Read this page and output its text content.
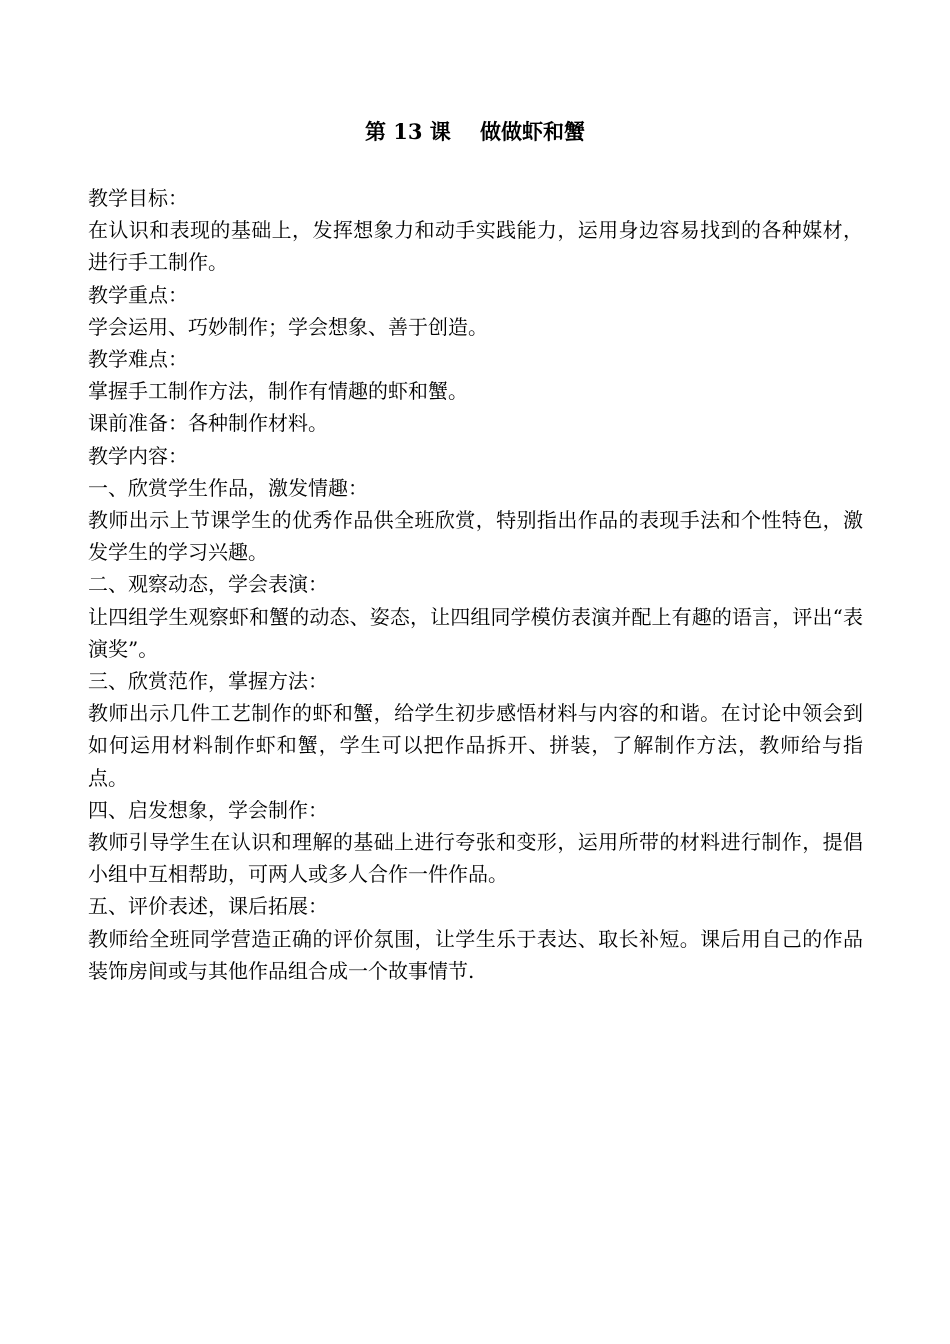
第 13 课    做做虾和蟹

教学目标：

在认识和表现的基础上，发挥想象力和动手实践能力，运用身边容易找到的各种媒材，进行手工制作。

教学重点：

学会运用、巧妙制作；学会想象、善于创造。

教学难点：

掌握手工制作方法，制作有情趣的虾和蟹。

课前准备：各种制作材料。

教学内容：

一、欣赏学生作品，激发情趣：

教师出示上节课学生的优秀作品供全班欣赏，特别指出作品的表现手法和个性特色，激发学生的学习兴趣。

二、观察动态，学会表演：

让四组学生观察虾和蟹的动态、姿态，让四组同学模仿表演并配上有趣的语言，评出“表演奖”。

三、欣赏范作，掌握方法：

教师出示几件工艺制作的虾和蟹，给学生初步感悟材料与内容的和谐。在讨论中领会到如何运用材料制作虾和蟹，学生可以把作品拆开、拼装，了解制作方法，教师给与指点。

四、启发想象，学会制作：

教师引导学生在认识和理解的基础上进行夸张和变形，运用所带的材料进行制作，提倡小组中互相帮助，可两人或多人合作一件作品。

五、评价表述，课后拓展：

教师给全班同学营造正确的评价氛围，让学生乐于表达、取长补短。课后用自己的作品装饰房间或与其他作品组合成一个故事情节.
